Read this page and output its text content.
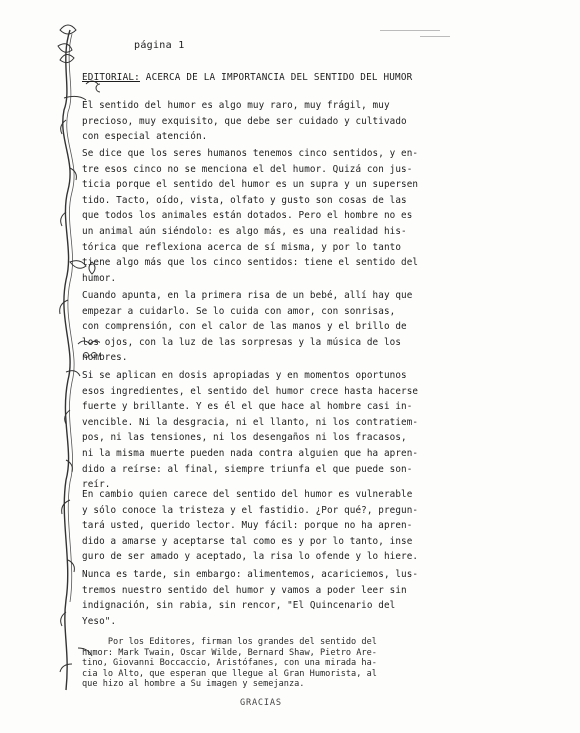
página 1
EDITORIAL: ACERCA DE LA IMPORTANCIA DEL SENTIDO DEL HUMOR
El sentido del humor es algo muy raro, muy frágil, muy
precioso, muy exquisito, que debe ser cuidado y cultivado
con especial atención.
Se dice que los seres humanos tenemos cinco sentidos, y en-
tre esos cinco no se menciona el del humor. Quizá con jus-
ticia porque el sentido del humor es un supra y un supersen
tido. Tacto, oído, vista, olfato y gusto son cosas de las
que todos los animales están dotados. Pero el hombre no es
un animal aún siéndolo: es algo más, es una realidad his-
tórica que reflexiona acerca de sí misma, y por lo tanto
tiene algo más que los cinco sentidos: tiene el sentido del
humor.
Cuando apunta, en la primera risa de un bebé, allí hay que
empezar a cuidarlo. Se lo cuida con amor, con sonrisas,
con comprensión, con el calor de las manos y el brillo de
los ojos, con la luz de las sorpresas y la música de los
nombres.
Si se aplican en dosis apropiadas y en momentos oportunos
esos ingredientes, el sentido del humor crece hasta hacerse
fuerte y brillante. Y es él el que hace al hombre casi in-
vencible. Ni la desgracia, ni el llanto, ni los contratiem-
pos, ni las tensiones, ni los desengaños ni los fracasos,
ni la misma muerte pueden nada contra alguien que ha apren-
dido a reírse: al final, siempre triunfa el que puede son-
reír.
En cambio quien carece del sentido del humor es vulnerable
y sólo conoce la tristeza y el fastidio. ¿Por qué?, pregun-
tará usted, querido lector. Muy fácil: porque no ha apren-
dido a amarse y aceptarse tal como es y por lo tanto, inse
guro de ser amado y aceptado, la risa lo ofende y lo hiere.
Nunca es tarde, sin embargo: alimentemos, acariciemos, lus-
tremos nuestro sentido del humor y vamos a poder leer sin
indignación, sin rabia, sin rencor, "El Quincenario del
Yeso".
Por los Editores, firman los grandes del sentido del
humor: Mark Twain, Oscar Wilde, Bernard Shaw, Pietro Are-
tino, Giovanni Boccaccio, Aristófanes, con una mirada ha-
cia lo Alto, que esperan que llegue al Gran Humorista, al
que hizo al hombre a Su imagen y semejanza.
GRACIAS
